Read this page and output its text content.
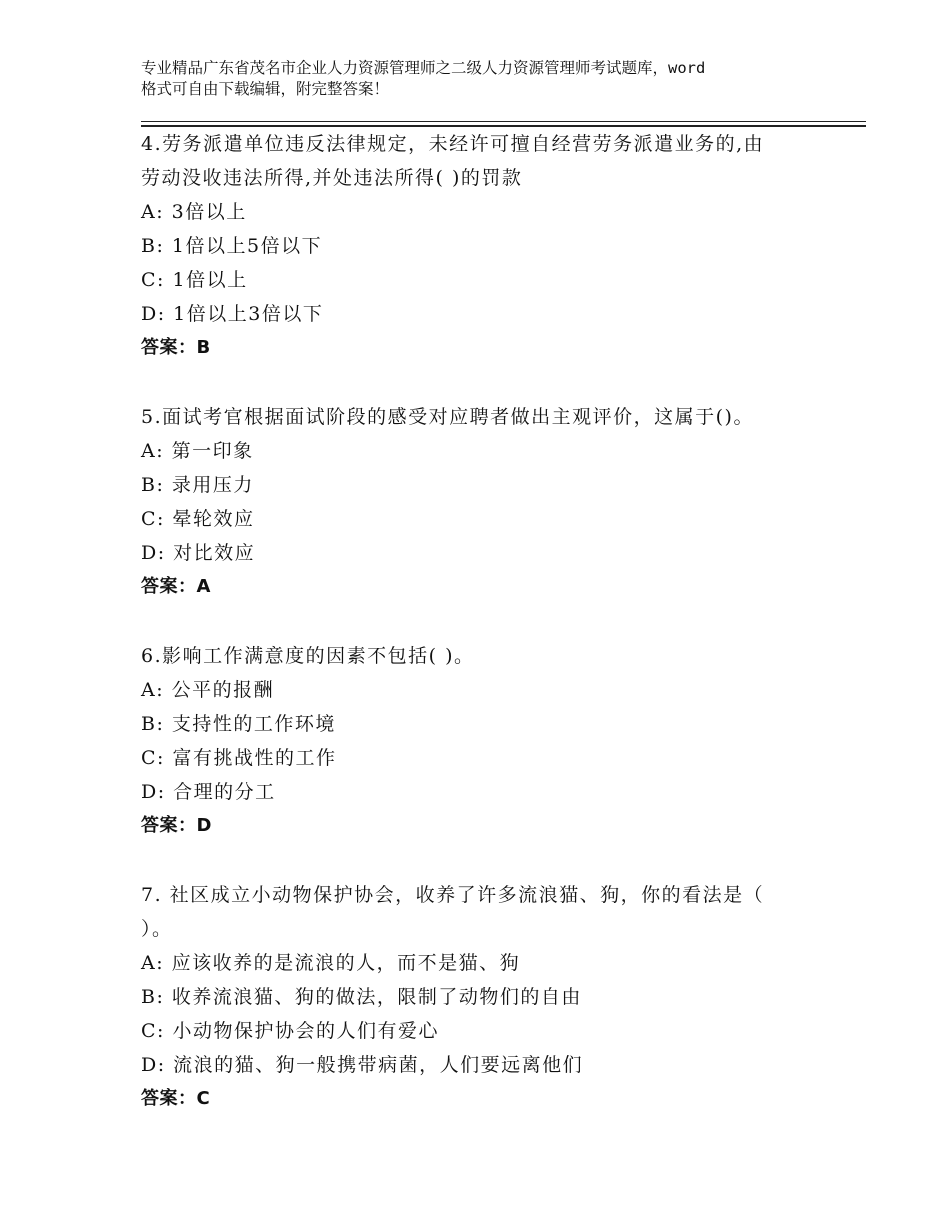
专业精品广东省茂名市企业人力资源管理师之二级人力资源管理师考试题库，word
格式可自由下载编辑，附完整答案！
4.劳务派遣单位违反法律规定，未经许可擅自经营劳务派遣业务的,由
劳动没收违法所得,并处违法所得( )的罚款
A: 3倍以上
B: 1倍以上5倍以下
C: 1倍以上
D: 1倍以上3倍以下
答案：B
5.面试考官根据面试阶段的感受对应聘者做出主观评价，这属于()。
A: 第一印象
B: 录用压力
C: 晕轮效应
D: 对比效应
答案：A
6.影响工作满意度的因素不包括( )。
A: 公平的报酬
B: 支持性的工作环境
C: 富有挑战性的工作
D: 合理的分工
答案：D
7. 社区成立小动物保护协会，收养了许多流浪猫、狗，你的看法是（
）。
A: 应该收养的是流浪的人，而不是猫、狗
B: 收养流浪猫、狗的做法，限制了动物们的自由
C: 小动物保护协会的人们有爱心
D: 流浪的猫、狗一般携带病菌，人们要远离他们
答案：C
